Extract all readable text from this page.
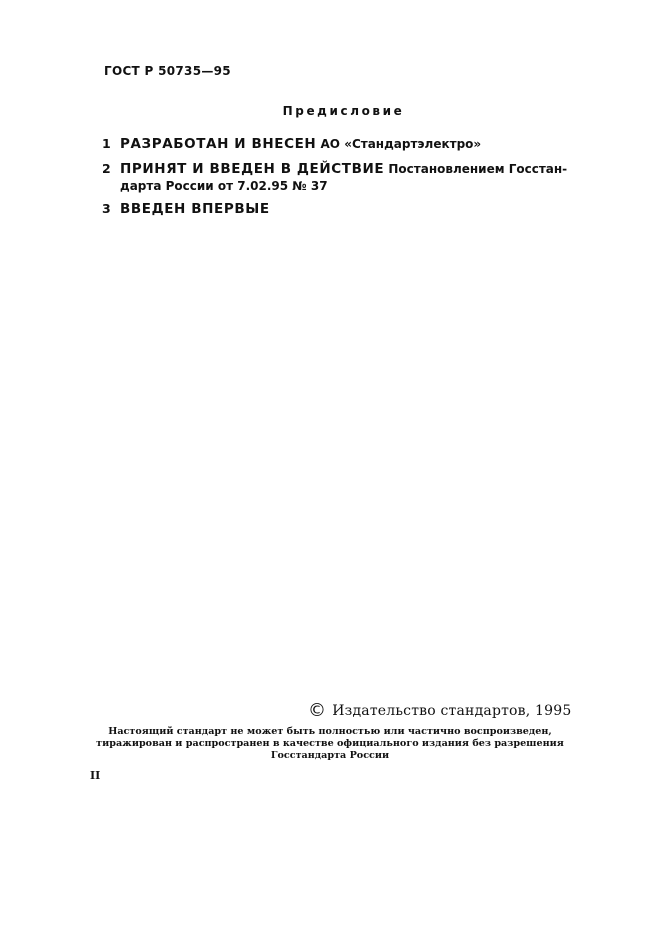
ГОСТ Р 50735—95
Предисловие
1 РАЗРАБОТАН И ВНЕСЕН АО «Стандартэлектро»
2 ПРИНЯТ И ВВЕДЕН В ДЕЙСТВИЕ Постановлением Госстан-
дарта России от 7.02.95 № 37
3 ВВЕДЕН ВПЕРВЫЕ
© Издательство стандартов, 1995
Настоящий стандарт не может быть полностью или частично воспроизведен,
тиражирован и распространен в качестве официального издания без разрешения
Госстандарта России
II
